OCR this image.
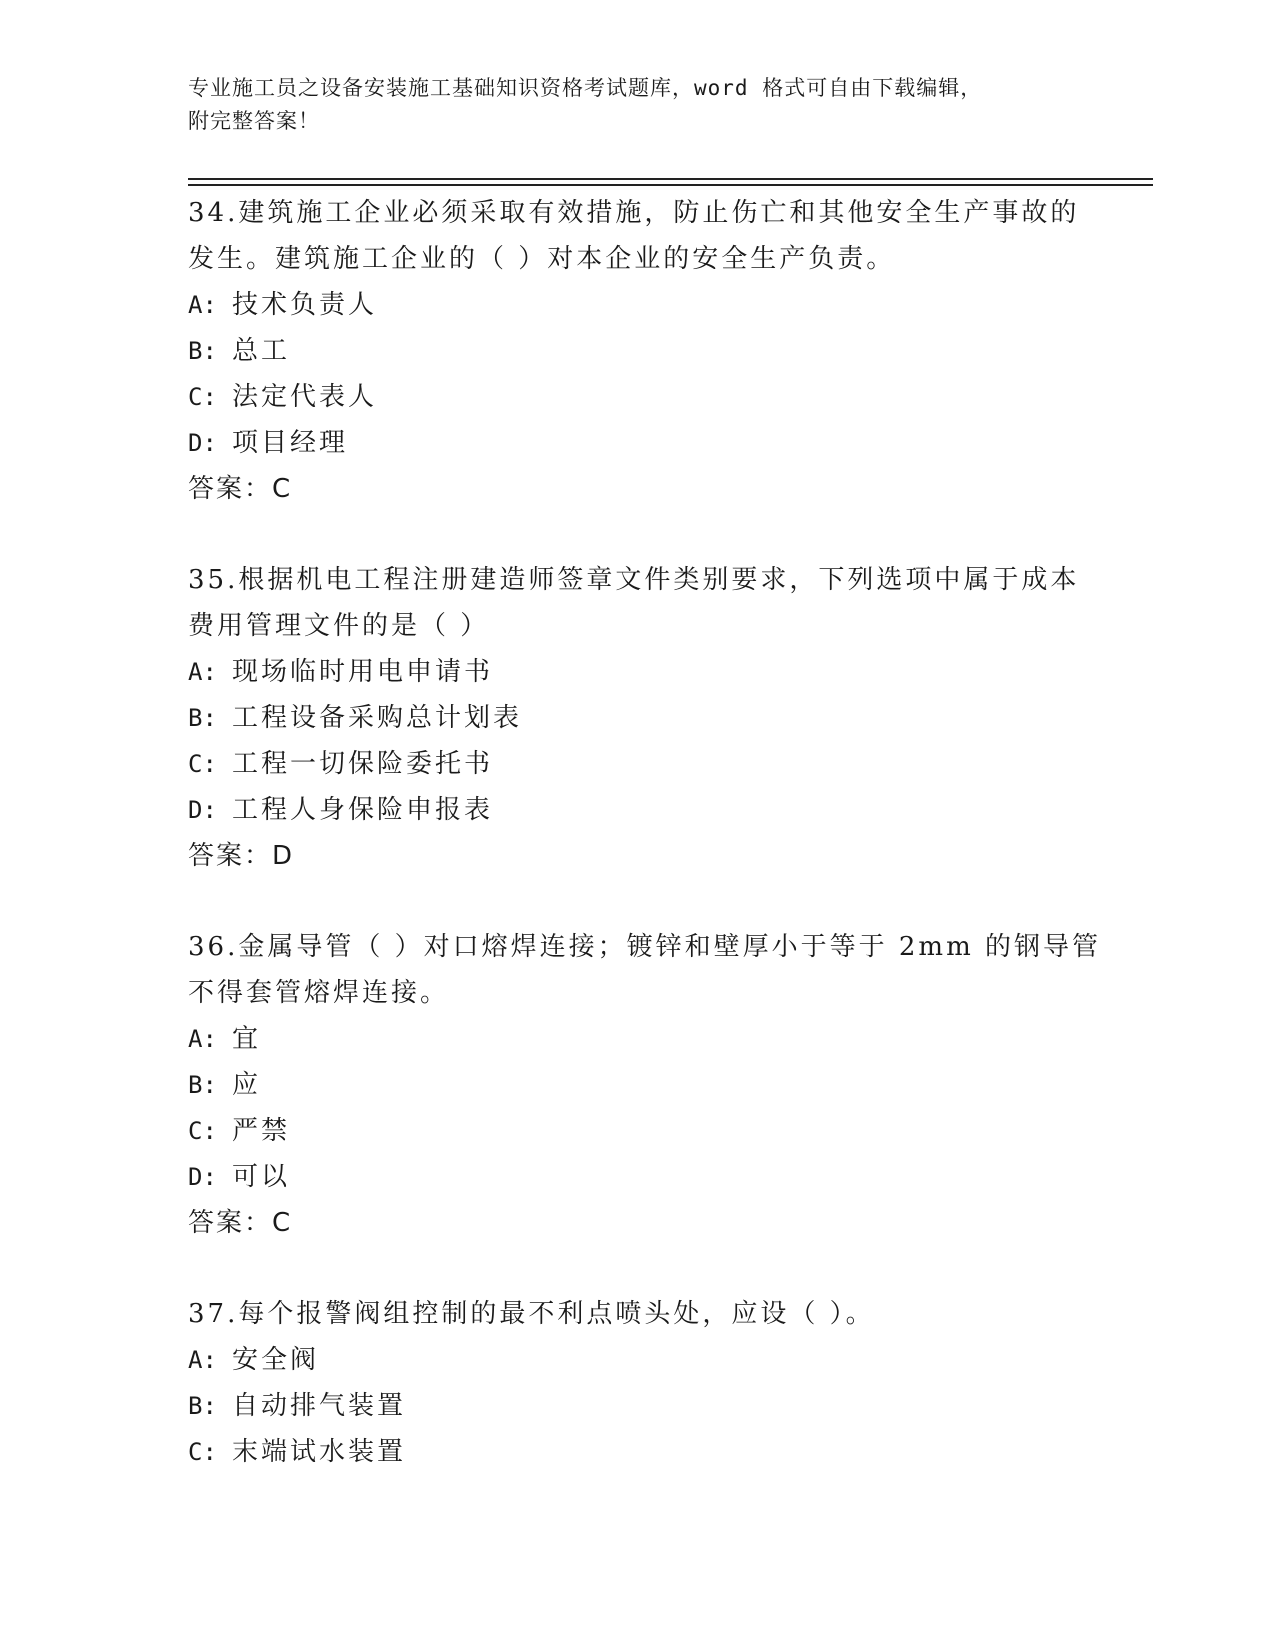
专业施工员之设备安装施工基础知识资格考试题库，word 格式可自由下载编辑，
附完整答案！
34.建筑施工企业必须采取有效措施，防止伤亡和其他安全生产事故的
发生。建筑施工企业的（ ）对本企业的安全生产负责。
A: 技术负责人
B: 总工
C: 法定代表人
D: 项目经理
答案：C
35.根据机电工程注册建造师签章文件类别要求，下列选项中属于成本
费用管理文件的是（ ）
A: 现场临时用电申请书
B: 工程设备采购总计划表
C: 工程一切保险委托书
D: 工程人身保险申报表
答案：D
36.金属导管（ ）对口熔焊连接；镀锌和壁厚小于等于 2mm 的钢导管
不得套管熔焊连接。
A: 宜
B: 应
C: 严禁
D: 可以
答案：C
37.每个报警阀组控制的最不利点喷头处，应设（ ）。
A: 安全阀
B: 自动排气装置
C: 末端试水装置
